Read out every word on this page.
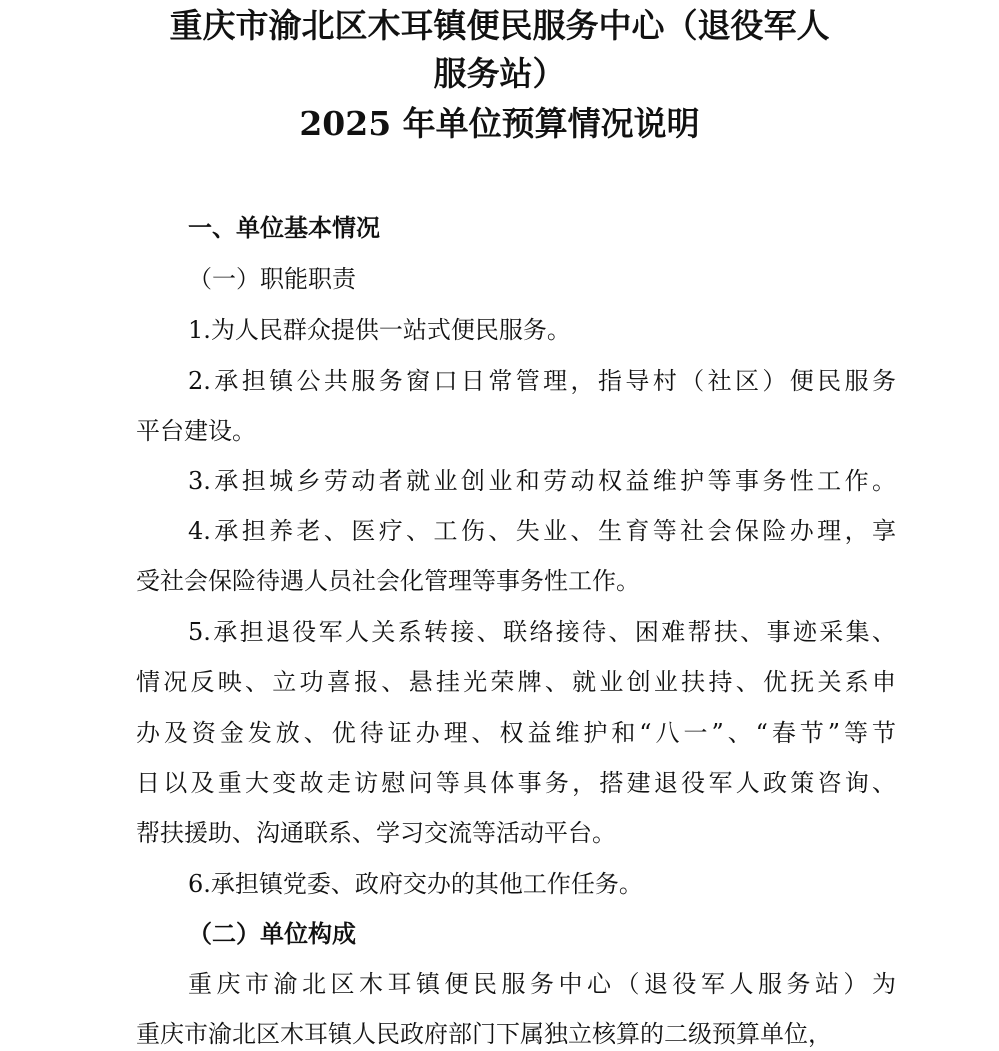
重庆市渝北区木耳镇便民服务中心（退役军人
服务站）
2025 年单位预算情况说明
一、单位基本情况
（一）职能职责
1.为人民群众提供一站式便民服务。
2.承担镇公共服务窗口日常管理，指导村（社区）便民服务
平台建设。
3.承担城乡劳动者就业创业和劳动权益维护等事务性工作。
4.承担养老、医疗、工伤、失业、生育等社会保险办理，享
受社会保险待遇人员社会化管理等事务性工作。
5.承担退役军人关系转接、联络接待、困难帮扶、事迹采集、
情况反映、立功喜报、悬挂光荣牌、就业创业扶持、优抚关系申
办及资金发放、优待证办理、权益维护和“八一”、“春节”等节
日以及重大变故走访慰问等具体事务，搭建退役军人政策咨询、
帮扶援助、沟通联系、学习交流等活动平台。
6.承担镇党委、政府交办的其他工作任务。
（二）单位构成
重庆市渝北区木耳镇便民服务中心（退役军人服务站）为
重庆市渝北区木耳镇人民政府部门下属独立核算的二级预算单位，
